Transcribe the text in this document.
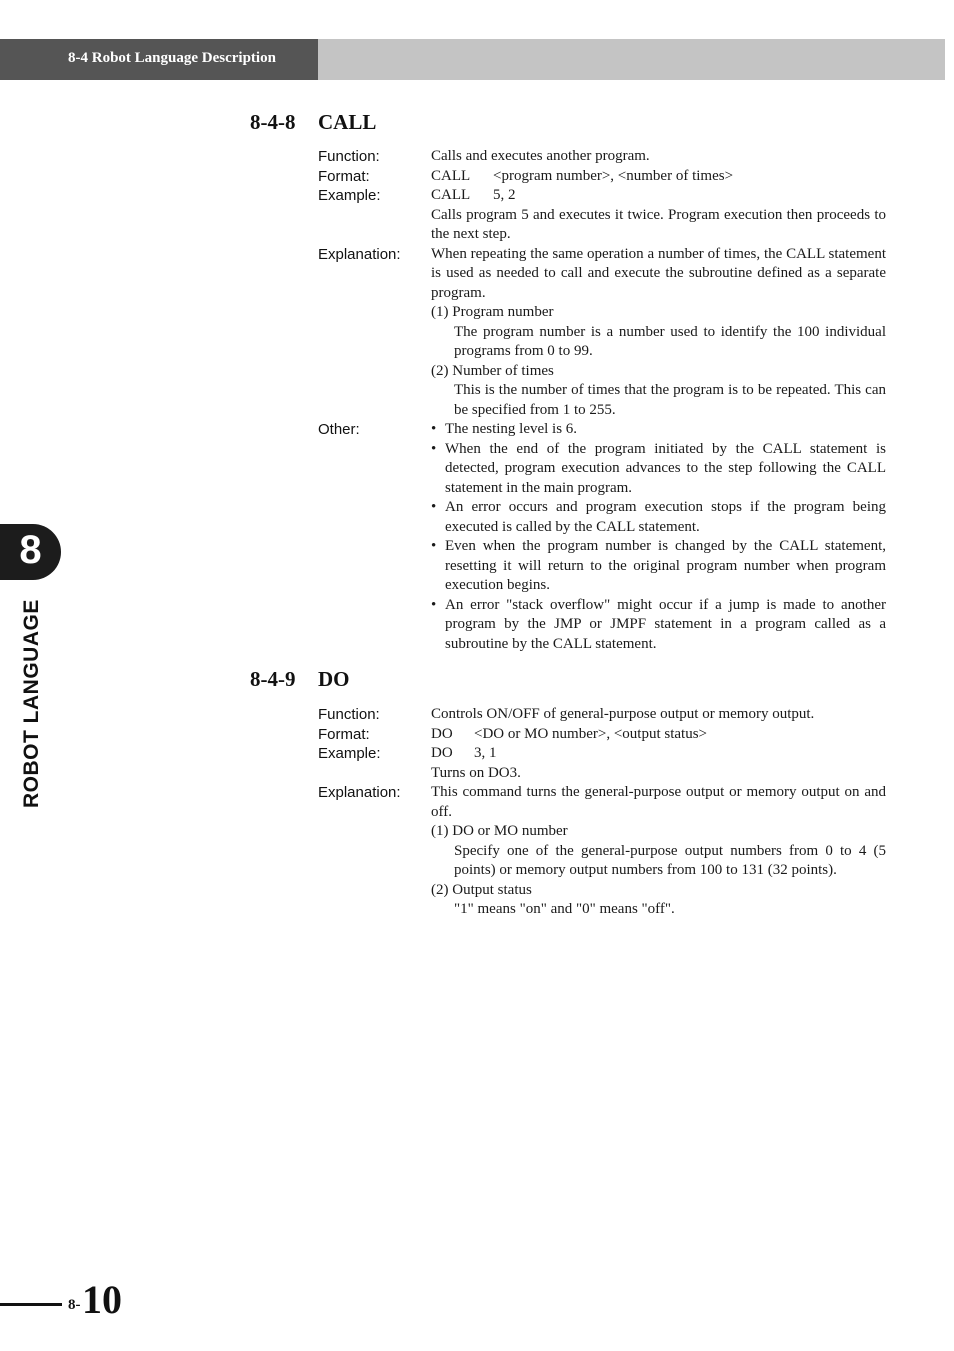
8-4 Robot Language Description
8-4-8 CALL
Function:	Calls and executes another program.

Format:	CALL <program number>, <number of times>

Example:	CALL 5, 2

Calls program 5 and executes it twice. Program execution then proceeds to the next step.

Explanation: When repeating the same operation a number of times, the CALL statement is used as needed to call and execute the subroutine defined as a separate program.

(1) Program number

The program number is a number used to identify the 100 individual programs from 0 to 99.

(2) Number of times

This is the number of times that the program is to be repeated. This can be specified from 1 to 255.

Other:	• The nesting level is 6.

• When the end of the program initiated by the CALL statement is detected, program execution advances to the step following the CALL statement in the main program.

• An error occurs and program execution stops if the program being executed is called by the CALL statement.

• Even when the program number is changed by the CALL statement, resetting it will return to the original program number when program execution begins.

• An error "stack overflow" might occur if a jump is made to another program by the JMP or JMPF statement in a program called as a subroutine by the CALL statement.

8-4-9 DO
Function:	Controls ON/OFF of general-purpose output or memory output.

Format:	DO <DO or MO number>, <output status>

Example:	DO 3, 1

Turns on DO3.

Explanation: This command turns the general-purpose output or memory output on and off.

(1) DO or MO number

Specify one of the general-purpose output numbers from 0 to 4 (5 points) or memory output numbers from 100 to 131 (32 points).

(2) Output status

"1" means "on" and "0" means "off".

8
ROBOT LANGUAGE
8- 10
